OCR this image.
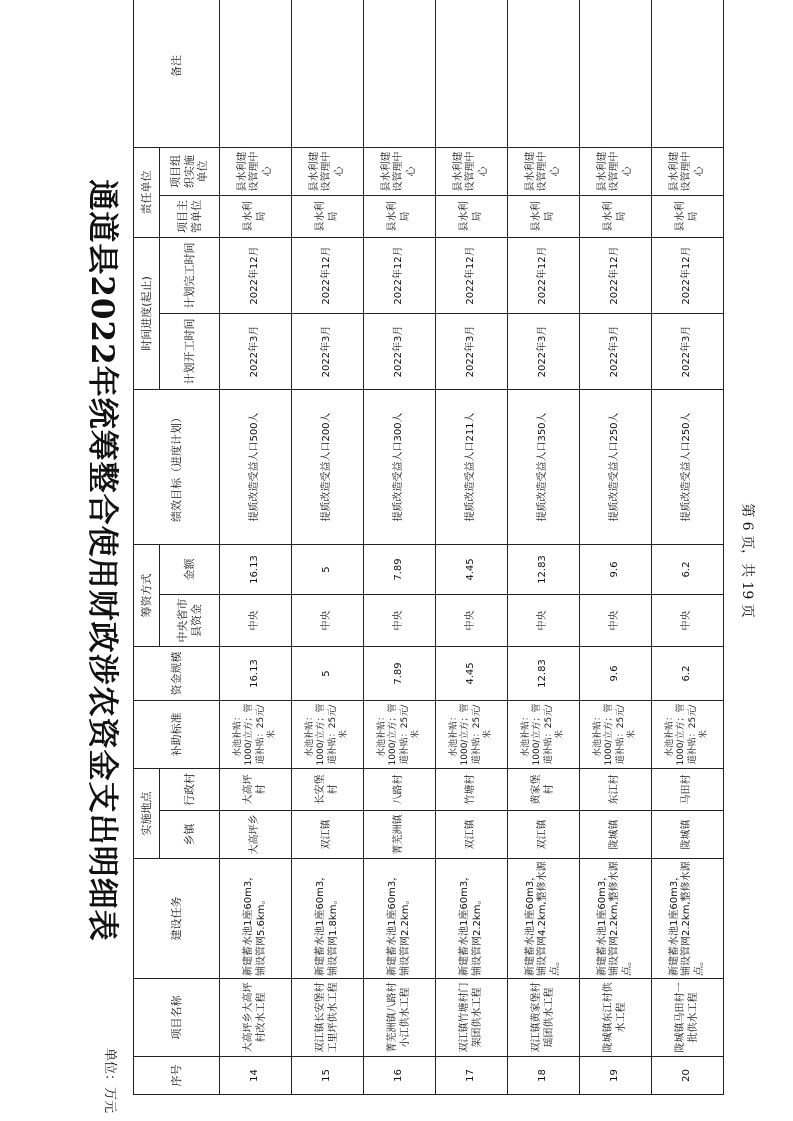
通道县2022年统筹整合使用财政涉农资金支出明细表
单位：万元	序号	项目名称	建设任务	实施地点		补助标准	资金规模	筹资方式		绩效目标（进度计划）	时间进度(起止)		责任单位		备注
			乡镇	行政村			中央省市县资金	金额		计划开工时间	计划完工时间	项目主管单位	项目组织实施单位	

14	大高坪乡大高坪村改水工程	新建蓄水池1座60m3，铺设管网5.6km。	大高坪乡	大高坪村	水池补贴：1000/立方；管道补贴：25元/米	16.13	中央	16.13	提质改造受益人口500人	2022年3月	2022年12月	县水利局	县水利建设管理中心	
15	双江镇长安堡村工里坪供水工程	新建蓄水池1座60m3，铺设管网1.8km。	双江镇	长安堡村	水池补贴：1000/立方；管道补贴：25元/米	5	中央	5	提质改造受益人口200人	2022年3月	2022年12月	县水利局	县水利建设管理中心	
16	菁芜洲镇八路村小江供水工程	新建蓄水池1座60m3，铺设管网2.2km。	菁芜洲镇	八路村	水池补贴：1000/立方；管道补贴：25元/米	7.89	中央	7.89	提质改造受益人口300人	2022年3月	2022年12月	县水利局	县水利建设管理中心	
17	双江镇竹塘村门架团供水工程	新建蓄水池1座60m3，铺设管网2.2km。	双江镇	竹塘村	水池补贴：1000/立方；管道补贴：25元/米	4.45	中央	4.45	提质改造受益人口211人	2022年3月	2022年12月	县水利局	县水利建设管理中心	
18	双江镇黄家堡村瑶团供水工程	新建蓄水池1座60m3，铺设管网4.2km,整修水源点。	双江镇	黄家堡村	水池补贴：1000/立方；管道补贴：25元/米	12.83	中央	12.83	提质改造受益人口350人	2022年3月	2022年12月	县水利局	县水利建设管理中心	
19	陇城镇东江村供水工程	新建蓄水池1座60m3，铺设管网2.2km,整修水源点。	陇城镇	东江村	水池补贴：1000/立方；管道补贴：25元/米	9.6	中央	9.6	提质改造受益人口250人	2022年3月	2022年12月	县水利局	县水利建设管理中心	
20	陇城镇马田村一批供水工程	新建蓄水池1座60m3，铺设管网2.2km,整修水源点。	陇城镇	马田村	水池补贴：1000/立方；管道补贴：25元/米	6.2	中央	6.2	提质改造受益人口250人	2022年3月	2022年12月	县水利局	县水利建设管理中心	
第 6 页，共 19 页
